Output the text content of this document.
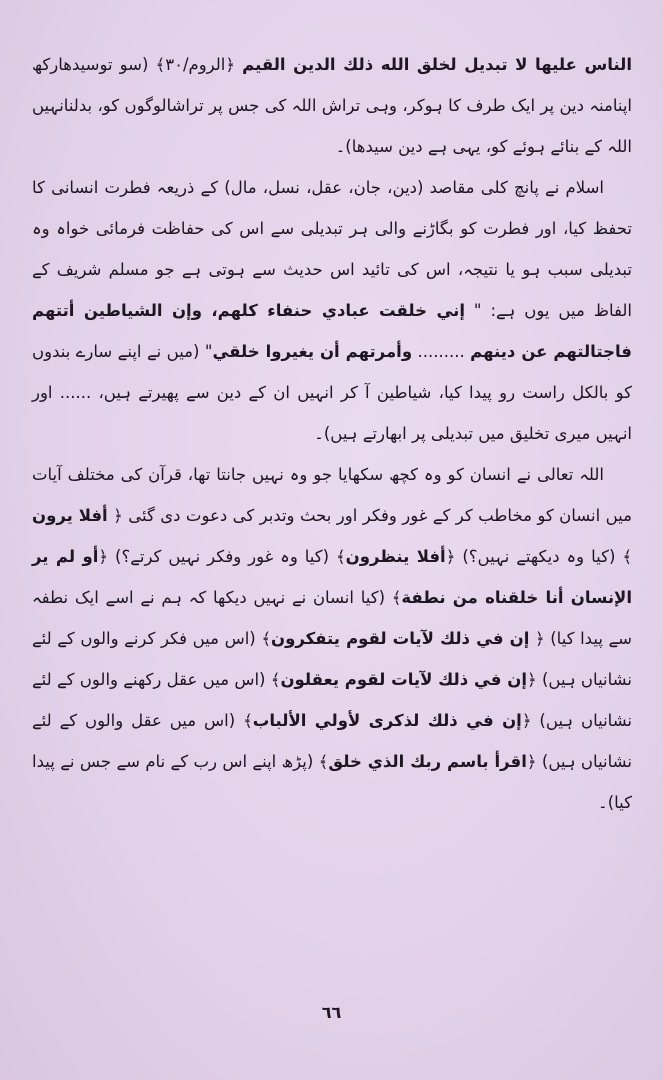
الناس عليها لا تبديل لخلق الله ذلك الدين القيم ﴿الروم/٣٠﴾ (سو توسیدھارکھ اپنامنہ دین پر ایک طرف کا ہوکر، وہی تراش اللہ کی جس پر تراشالوگوں کو، بدلنانہیں اللہ کے بنائے ہوئے کو، یہی ہے دین سیدھا)۔

اسلام نے پانچ کلی مقاصد (دین، جان، عقل، نسل، مال) کے ذریعہ فطرت انسانی کا تحفظ کیا، اور فطرت کو بگاڑنے والی ہر تبدیلی سے اس کی حفاظت فرمائی خواہ وہ تبدیلی سبب ہو یا نتیجہ، اس کی تائید اس حدیث سے ہوتی ہے جو مسلم شریف کے الفاظ میں یوں ہے: " إني خلقت عبادي حنفاء كلهم، وإن الشياطين أتتهم فاجتالتهم عن دينهم ......... وأمرتهم أن يغيروا خلقي" (میں نے اپنے سارے بندوں کو بالکل راست رو پیدا کیا، شیاطین آ کر انہیں ان کے دین سے پھیرتے ہیں، ...... اور انہیں میری تخلیق میں تبدیلی پر ابھارتے ہیں)۔

اللہ تعالی نے انسان کو وہ کچھ سکھایا جو وہ نہیں جانتا تھا، قرآن کی مختلف آیات میں انسان کو مخاطب کر کے غور وفکر اور بحث وتدبر کی دعوت دی گئی ﴿ أفلا يرون ﴾ (کیا وہ دیکھتے نہیں؟) ﴿أفلا ينظرون﴾ (کیا وہ غور وفکر نہیں کرتے؟) ﴿أو لم ير الإنسان أنا خلقناه من نطفة﴾ (کیا انسان نے نہیں دیکھا کہ ہم نے اسے ایک نطفہ سے پیدا کیا) ﴿ إن في ذلك لآيات لقوم يتفكرون﴾ (اس میں فکر کرنے والوں کے لئے نشانیاں ہیں) ﴿إن في ذلك لآيات لقوم يعقلون﴾ (اس میں عقل رکھنے والوں کے لئے نشانیاں ہیں) ﴿إن في ذلك لذكرى لأولي الألباب﴾ (اس میں عقل والوں کے لئے نشانیاں ہیں) ﴿اقرأ باسم ربك الذي خلق﴾ (پڑھ اپنے اس رب کے نام سے جس نے پیدا کیا)۔

٦٦
